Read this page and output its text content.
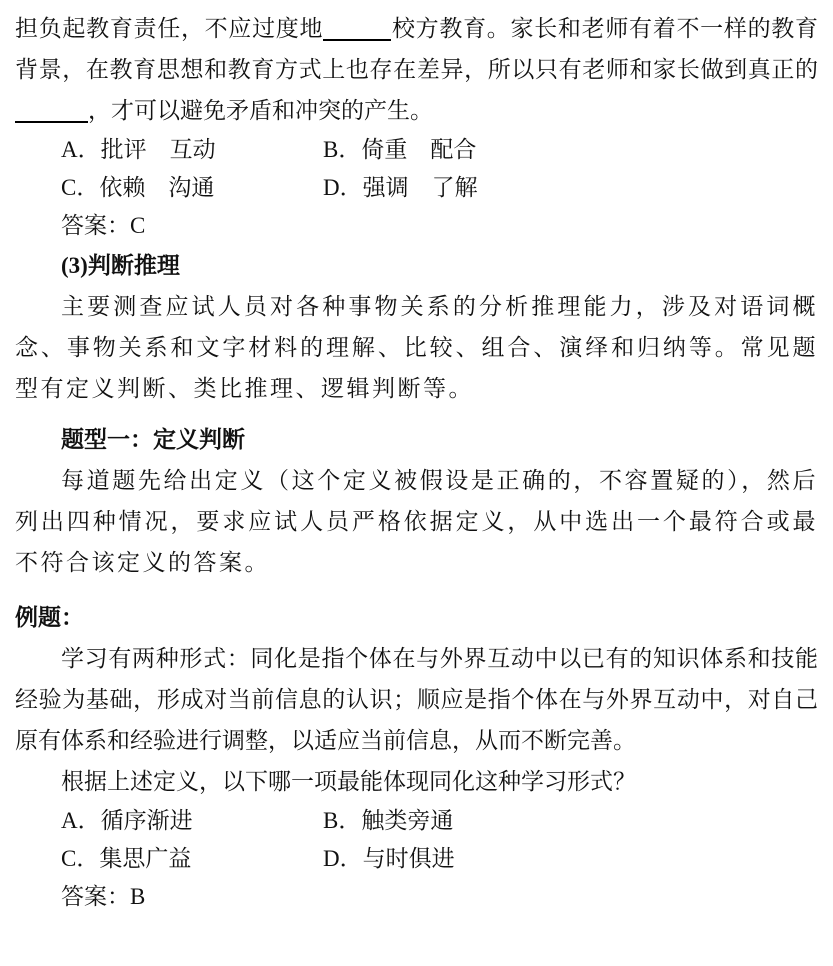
担负起教育责任，不应过度地	校方教育。家长和老师有着不一样的教育背景，在教育思想和教育方式上也存在差异，所以只有老师和家长做到真正的，才可以避免矛盾和冲突的产生。

A．批评　互动	B．倚重　配合
C．依赖　沟通	D．强调　了解

答案：C

(3)判断推理

主要测查应试人员对各种事物关系的分析推理能力，涉及对语词概念、事物关系和文字材料的理解、比较、组合、演绎和归纳等。常见题型有定义判断、类比推理、逻辑判断等。

题型一：定义判断

每道题先给出定义（这个定义被假设是正确的，不容置疑的），然后列出四种情况，要求应试人员严格依据定义，从中选出一个最符合或最不符合该定义的答案。

例题：

学习有两种形式：同化是指个体在与外界互动中以已有的知识体系和技能经验为基础，形成对当前信息的认识；顺应是指个体在与外界互动中，对自己原有体系和经验进行调整，以适应当前信息，从而不断完善。

根据上述定义，以下哪一项最能体现同化这种学习形式？

A．循序渐进	B．触类旁通
C．集思广益	D．与时俱进

答案：B
